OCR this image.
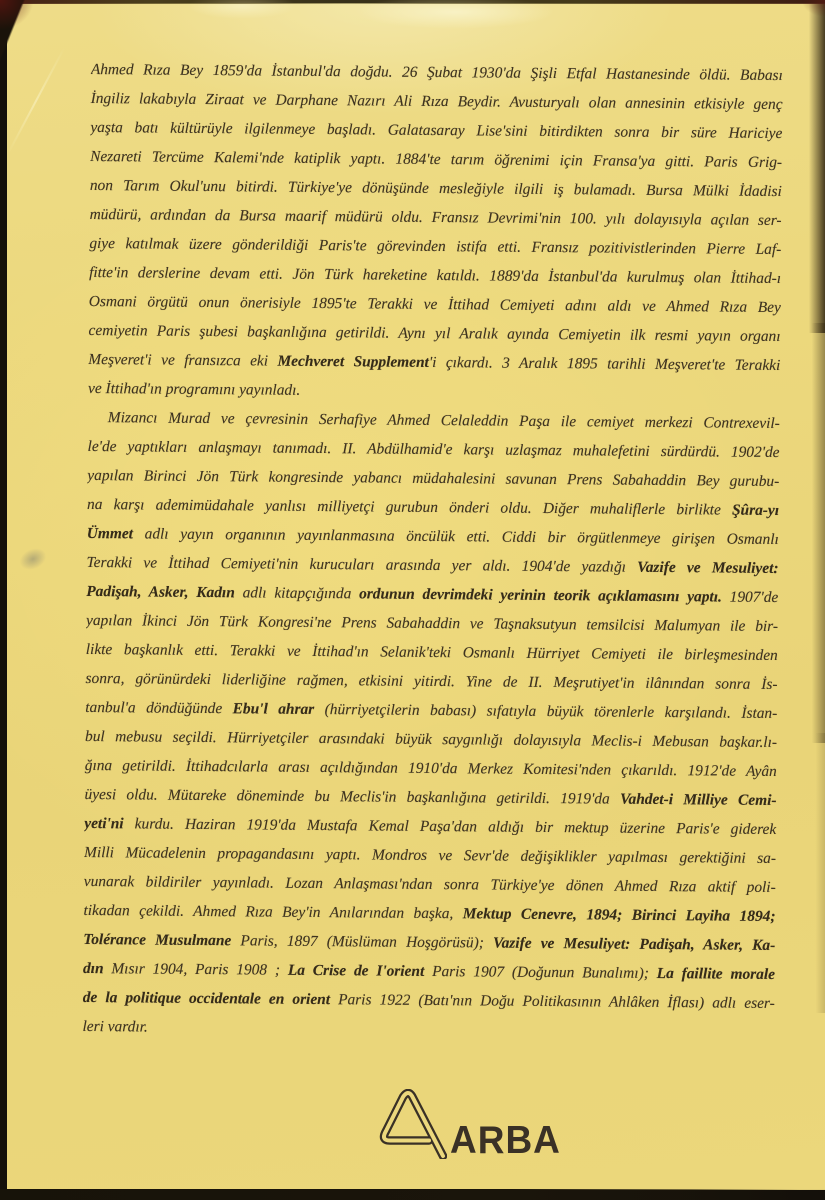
Ahmed Rıza Bey 1859'da İstanbul'da doğdu. 26 Şubat 1930'da Şişli Etfal Hastanesinde öldü. Babası
İngiliz lakabıyla Ziraat ve Darphane Nazırı Ali Rıza Beydir. Avusturyalı olan annesinin etkisiyle genç
yaşta batı kültürüyle ilgilenmeye başladı. Galatasaray Lise'sini bitirdikten sonra bir süre Hariciye
Nezareti Tercüme Kalemi'nde katiplik yaptı. 1884'te tarım öğrenimi için Fransa'ya gitti. Paris Grig-
non Tarım Okul'unu bitirdi. Türkiye'ye dönüşünde mesleğiyle ilgili iş bulamadı. Bursa Mülki İdadisi
müdürü, ardından da Bursa maarif müdürü oldu. Fransız Devrimi'nin 100. yılı dolayısıyla açılan ser-
giye katılmak üzere gönderildiği Paris'te görevinden istifa etti. Fransız pozitivistlerinden Pierre Laf-
fitte'in derslerine devam etti. Jön Türk hareketine katıldı. 1889'da İstanbul'da kurulmuş olan İttihad-ı
Osmani örgütü onun önerisiyle 1895'te Terakki ve İttihad Cemiyeti adını aldı ve Ahmed Rıza Bey
cemiyetin Paris şubesi başkanlığına getirildi. Aynı yıl Aralık ayında Cemiyetin ilk resmi yayın organı
Meşveret'i ve fransızca eki Mechveret Supplement'i çıkardı. 3 Aralık 1895 tarihli Meşveret'te Terakki
ve İttihad'ın programını yayınladı.
Mizancı Murad ve çevresinin Serhafiye Ahmed Celaleddin Paşa ile cemiyet merkezi Contrexevil-
le'de yaptıkları anlaşmayı tanımadı. II. Abdülhamid'e karşı uzlaşmaz muhalefetini sürdürdü. 1902'de
yapılan Birinci Jön Türk kongresinde yabancı müdahalesini savunan Prens Sabahaddin Bey gurubu-
na karşı ademimüdahale yanlısı milliyetçi gurubun önderi oldu. Diğer muhaliflerle birlikte Şûra-yı
Ümmet adlı yayın organının yayınlanmasına öncülük etti. Ciddi bir örgütlenmeye girişen Osmanlı
Terakki ve İttihad Cemiyeti'nin kurucuları arasında yer aldı. 1904'de yazdığı Vazife ve Mesuliyet:
Padişah, Asker, Kadın adlı kitapçığında ordunun devrimdeki yerinin teorik açıklamasını yaptı. 1907'de
yapılan İkinci Jön Türk Kongresi'ne Prens Sabahaddin ve Taşnaksutyun temsilcisi Malumyan ile bir-
likte başkanlık etti. Terakki ve İttihad'ın Selanik'teki Osmanlı Hürriyet Cemiyeti ile birleşmesinden
sonra, görünürdeki liderliğine rağmen, etkisini yitirdi. Yine de II. Meşrutiyet'in ilânından sonra İs-
tanbul'a döndüğünde Ebu'l ahrar (hürriyetçilerin babası) sıfatıyla büyük törenlerle karşılandı. İstan-
bul mebusu seçildi. Hürriyetçiler arasındaki büyük saygınlığı dolayısıyla Meclis-i Mebusan başkar.lı-
ğına getirildi. İttihadcılarla arası açıldığından 1910'da Merkez Komitesi'nden çıkarıldı. 1912'de Ayân
üyesi oldu. Mütareke döneminde bu Meclis'in başkanlığına getirildi. 1919'da Vahdet-i Milliye Cemi-
yeti'ni kurdu. Haziran 1919'da Mustafa Kemal Paşa'dan aldığı bir mektup üzerine Paris'e giderek
Milli Mücadelenin propagandasını yaptı. Mondros ve Sevr'de değişiklikler yapılması gerektiğini sa-
vunarak bildiriler yayınladı. Lozan Anlaşması'ndan sonra Türkiye'ye dönen Ahmed Rıza aktif poli-
tikadan çekildi. Ahmed Rıza Bey'in Anılarından başka, Mektup Cenevre, 1894; Birinci Layiha 1894;
Tolérance Musulmane Paris, 1897 (Müslüman Hoşgörüsü); Vazife ve Mesuliyet: Padişah, Asker, Ka-
dın Mısır 1904, Paris 1908 ; La Crise de I'orient Paris 1907 (Doğunun Bunalımı); La faillite morale
de la politique occidentale en orient Paris 1922 (Batı'nın Doğu Politikasının Ahlâken İflası) adlı eser-
leri vardır.
ARBA
